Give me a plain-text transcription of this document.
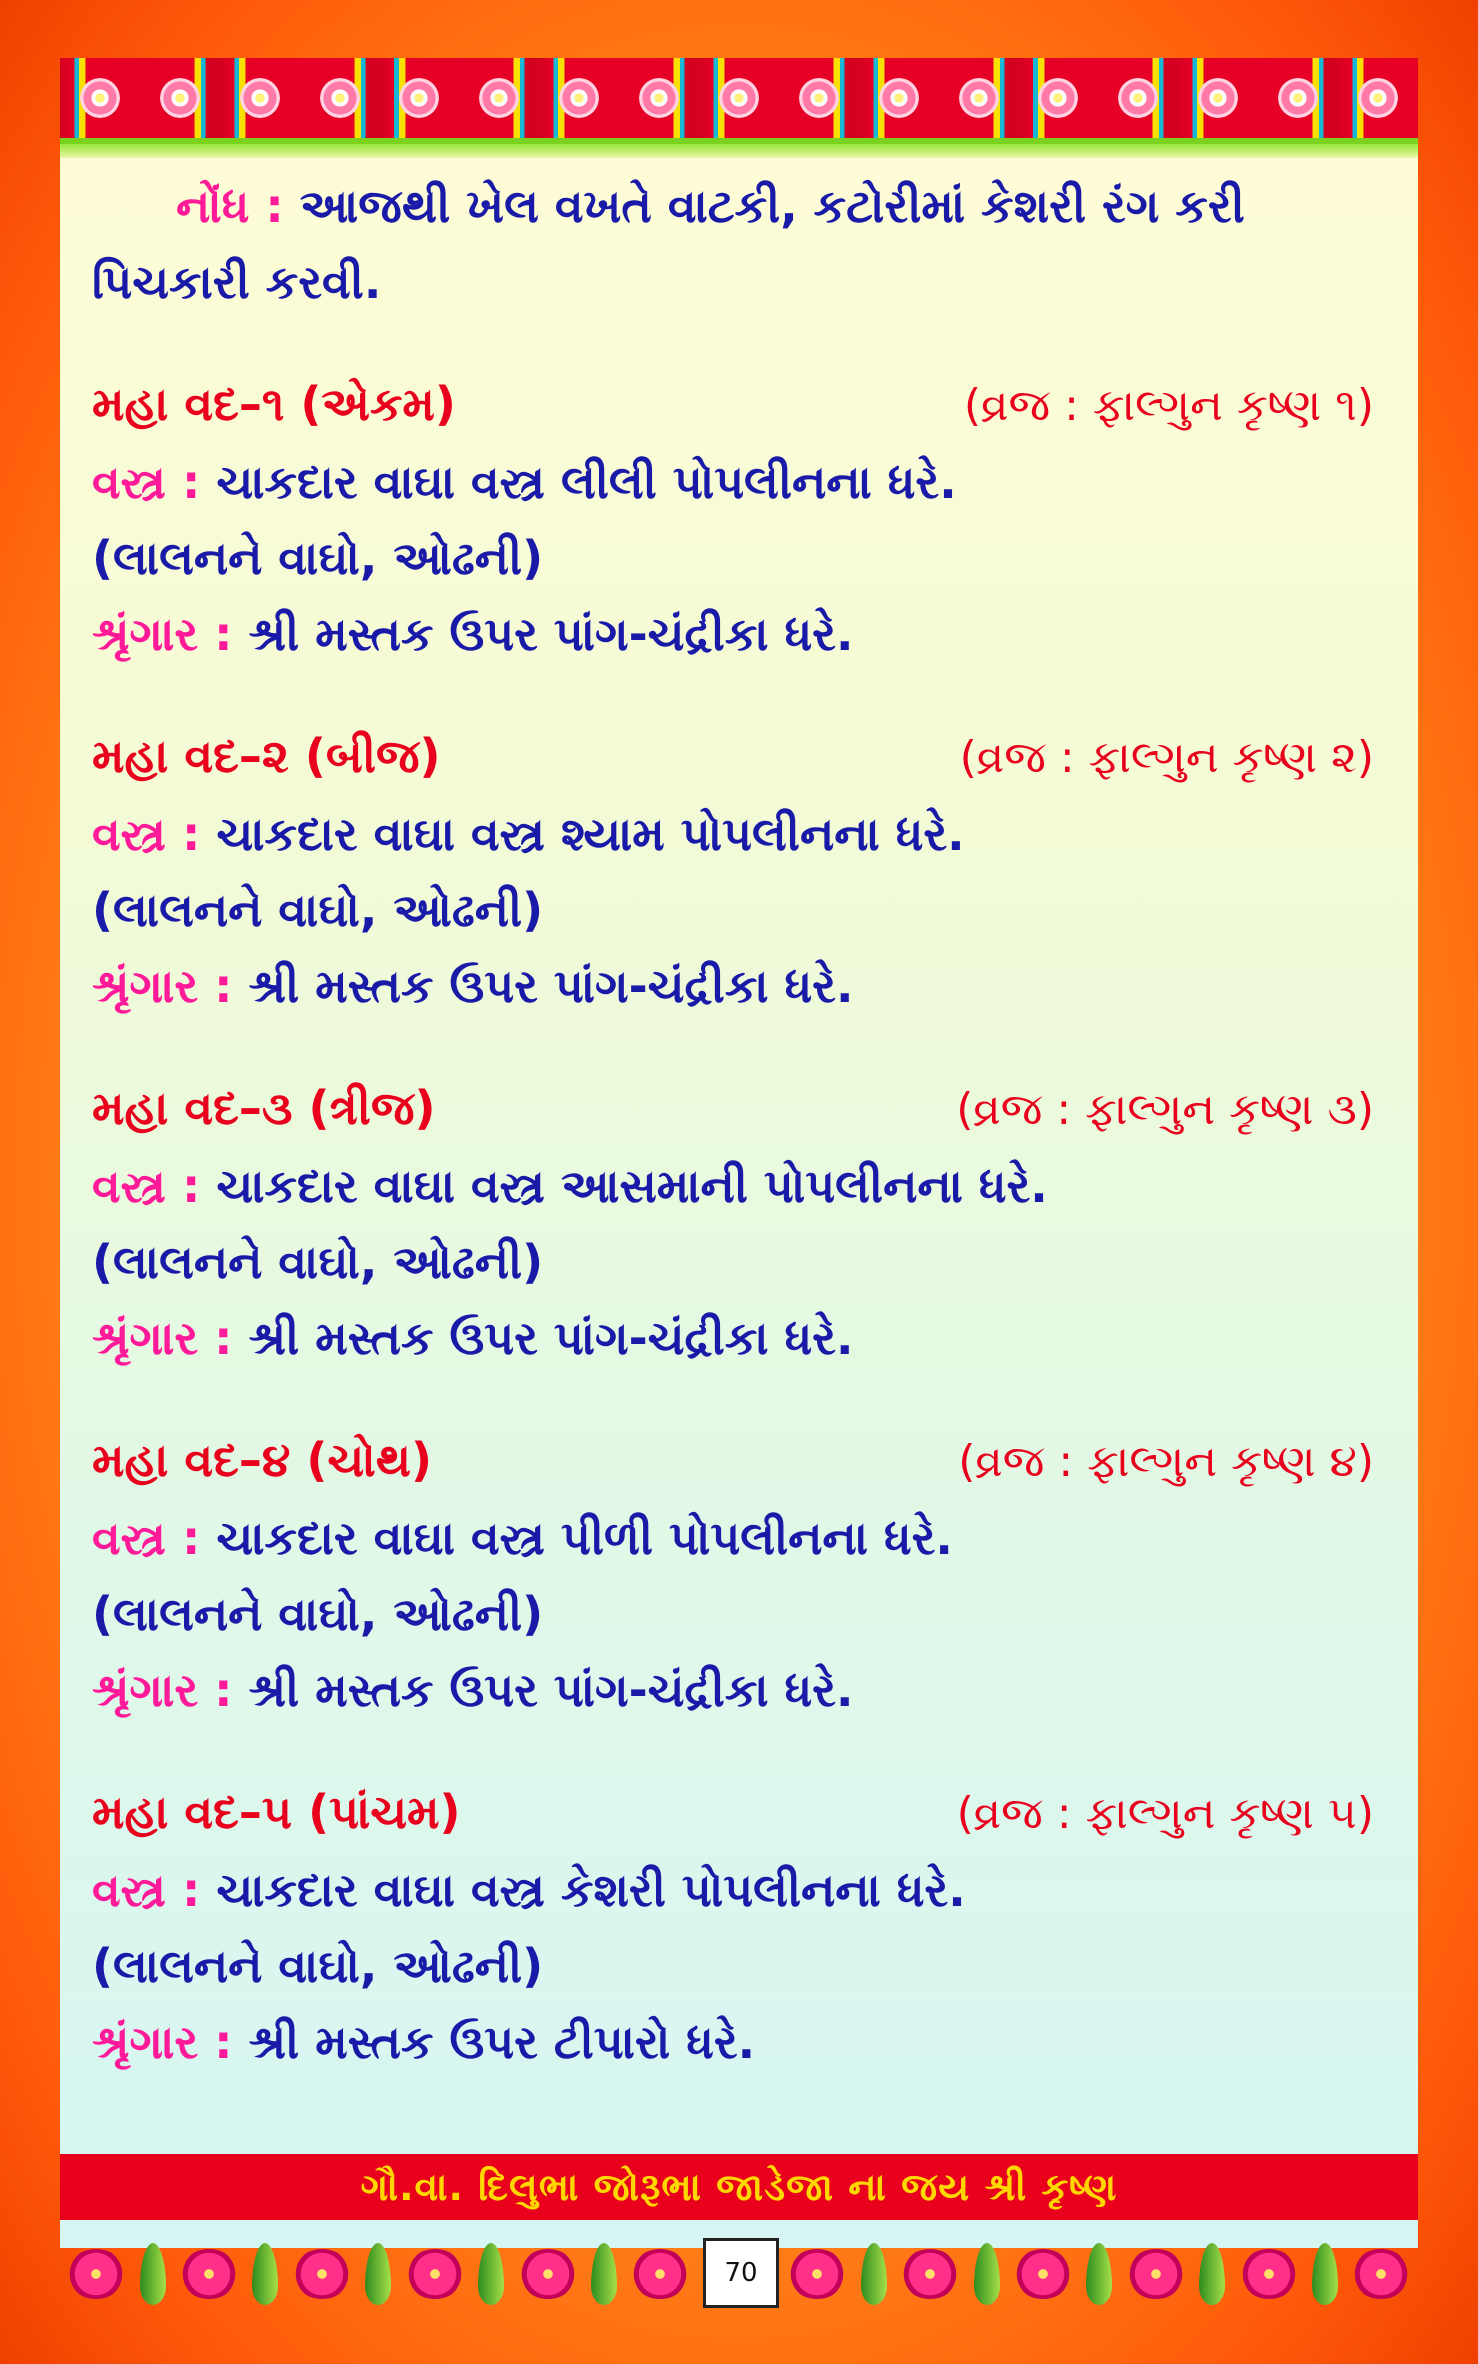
નોંધ : આજથી ખેલ વખતે વાટકી, કટોરીમાં કેશરી રંગ કરી પિચકારી કરવી.
મહા વદ–૧ (એકમ)	(વ્રજ : ફાલ્ગુન કૃષ્ણ ૧)
વસ્ત્ર : ચાકદાર વાઘા વસ્ત્ર લીલી પોપલીનના ધરે.
(લાલનને વાઘો, ઓઢની)
શ્રૃંગાર : શ્રી મસ્તક ઉપર પાંગ-ચંદ્રીકા ધરે.
મહા વદ–૨ (બીજ)	(વ્રજ : ફાલ્ગુન કૃષ્ણ ૨)
વસ્ત્ર : ચાકદાર વાઘા વસ્ત્ર શ્યામ પોપલીનના ધરે.
(લાલનને વાઘો, ઓઢની)
શ્રૃંગાર : શ્રી મસ્તક ઉપર પાંગ-ચંદ્રીકા ધરે.
મહા વદ–૩ (ત્રીજ)	(વ્રજ : ફાલ્ગુન કૃષ્ણ ૩)
વસ્ત્ર : ચાકદાર વાઘા વસ્ત્ર આસમાની પોપલીનના ધરે.
(લાલનને વાઘો, ઓઢની)
શ્રૃંગાર : શ્રી મસ્તક ઉપર પાંગ-ચંદ્રીકા ધરે.
મહા વદ–૪ (ચોથ)	(વ્રજ : ફાલ્ગુન કૃષ્ણ ૪)
વસ્ત્ર : ચાકદાર વાઘા વસ્ત્ર પીળી પોપલીનના ધરે.
(લાલનને વાઘો, ઓઢની)
શ્રૃંગાર : શ્રી મસ્તક ઉપર પાંગ-ચંદ્રીકા ધરે.
મહા વદ–૫ (પાંચમ)	(વ્રજ : ફાલ્ગુન કૃષ્ણ ૫)
વસ્ત્ર : ચાકદાર વાઘા વસ્ત્ર કેશરી પોપલીનના ધરે.
(લાલનને વાઘો, ઓઢની)
શ્રૃંગાર : શ્રી મસ્તક ઉપર ટીપારો ધરે.
ગૌ.વા. દિલુભા જોરૂભા જાડેજા ના જય શ્રી કૃષ્ણ
70
